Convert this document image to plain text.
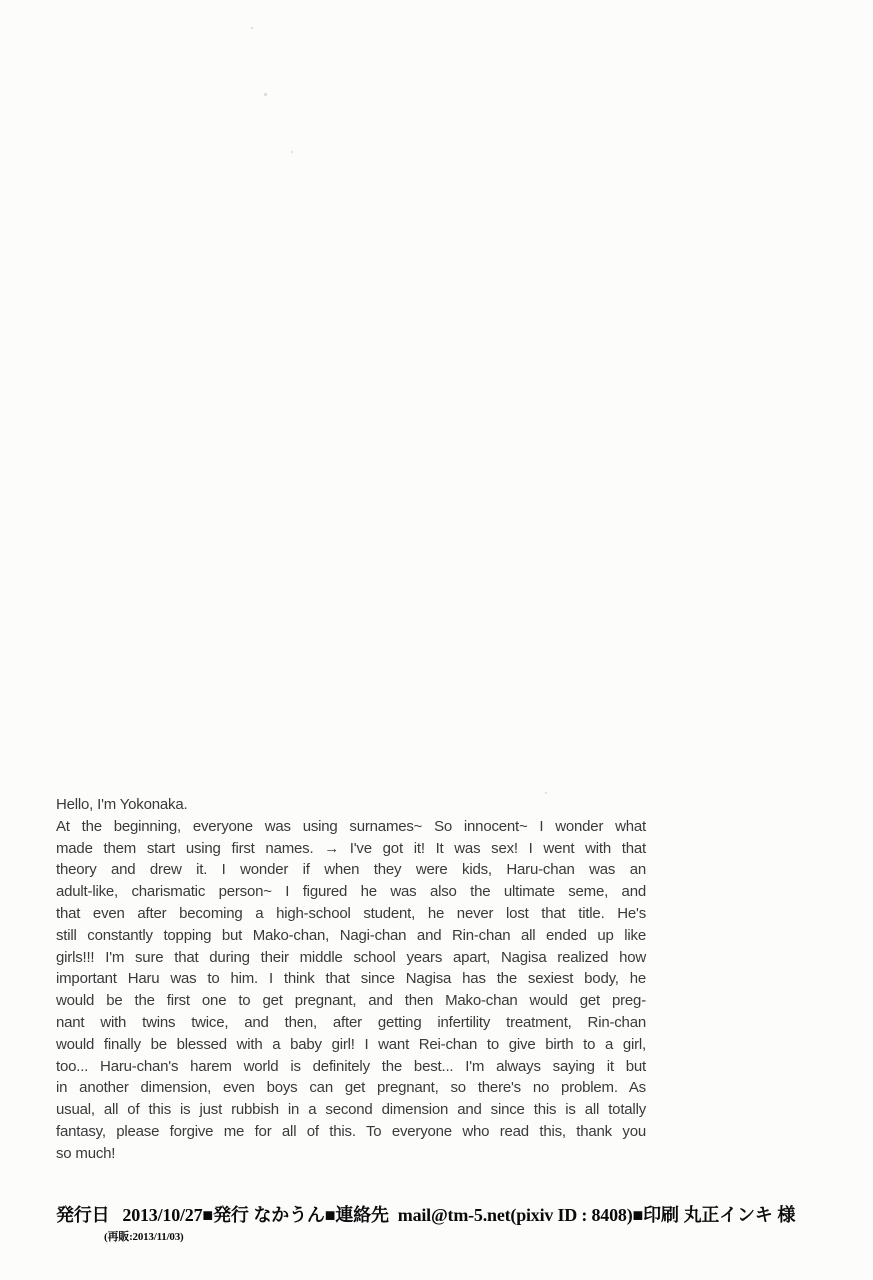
Hello, I'm Yokonaka.
At the beginning, everyone was using surnames~ So innocent~ I wonder what
made them start using first names. → I've got it! It was sex! I went with that
theory and drew it. I wonder if when they were kids, Haru-chan was an
adult-like, charismatic person~ I figured he was also the ultimate seme, and
that even after becoming a high-school student, he never lost that title. He's
still constantly topping but Mako-chan, Nagi-chan and Rin-chan all ended up like
girls!!! I'm sure that during their middle school years apart, Nagisa realized how
important Haru was to him. I think that since Nagisa has the sexiest body, he
would be the first one to get pregnant, and then Mako-chan would get preg-
nant with twins twice, and then, after getting infertility treatment, Rin-chan
would finally be blessed with a baby girl! I want Rei-chan to give birth to a girl,
too... Haru-chan's harem world is definitely the best... I'm always saying it but
in another dimension, even boys can get pregnant, so there's no problem. As
usual, all of this is just rubbish in a second dimension and since this is all totally
fantasy, please forgive me for all of this. To everyone who read this, thank you
so much!
発行日 2013/10/27■発行 なかうん■連絡先 mail@tm-5.net(pixiv ID : 8408)■印刷 丸正インキ 様
(再販:2013/11/03)
